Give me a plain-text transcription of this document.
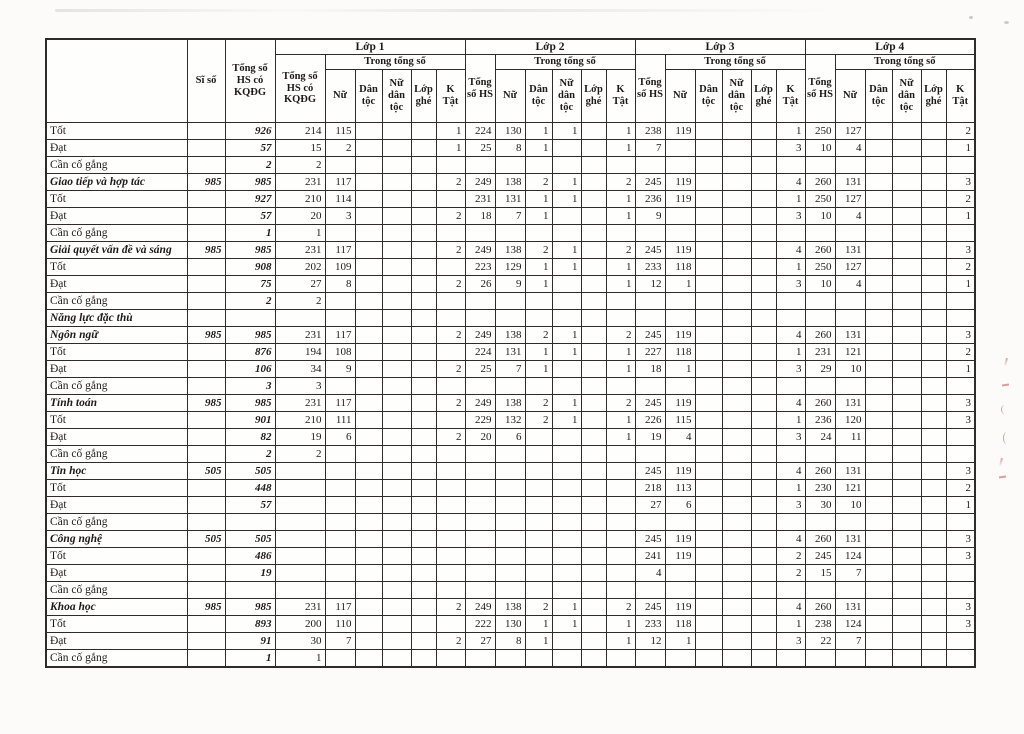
	Sĩ số	Tổng số HS có KQĐG	Lớp 1						Lớp 2						Lớp 3						Lớp 4					
			Tổng số HS có KQĐG	Trong tổng số					Tổng số HS	Trong tổng số					Tổng số HS	Trong tổng số					Tổng số HS	Trong tổng số				
				Nữ	Dân tộc	Nữ dân tộc	Lớp ghé	K Tật		Nữ	Dân tộc	Nữ dân tộc	Lớp ghé	K Tật		Nữ	Dân tộc	Nữ dân tộc	Lớp ghé	K Tật		Nữ	Dân tộc	Nữ dân tộc	Lớp ghé	K Tật
Tốt		926	214	115				1	224	130	1	1		1	238	119				1	250	127				2
Đạt		57	15	2				1	25	8	1			1	7					3	10	4				1
Cần cố gắng		2	2																							
Giao tiếp và hợp tác	985	985	231	117				2	249	138	2	1		2	245	119				4	260	131				3
Tốt		927	210	114					231	131	1	1		1	236	119				1	250	127				2
Đạt		57	20	3				2	18	7	1			1	9					3	10	4				1
Cần cố gắng		1	1																							
Giải quyết vấn đề và sáng	985	985	231	117				2	249	138	2	1		2	245	119				4	260	131				3
Tốt		908	202	109					223	129	1	1		1	233	118				1	250	127				2
Đạt		75	27	8				2	26	9	1			1	12	1				3	10	4				1
Cần cố gắng		2	2																							
Năng lực đặc thù																										
Ngôn ngữ	985	985	231	117				2	249	138	2	1		2	245	119				4	260	131				3
Tốt		876	194	108					224	131	1	1		1	227	118				1	231	121				2
Đạt		106	34	9				2	25	7	1			1	18	1				3	29	10				1
Cần cố gắng		3	3																							
Tính toán	985	985	231	117				2	249	138	2	1		2	245	119				4	260	131				3
Tốt		901	210	111					229	132	2	1		1	226	115				1	236	120				3
Đạt		82	19	6				2	20	6				1	19	4				3	24	11				
Cần cố gắng		2	2																							
Tin học	505	505													245	119				4	260	131				3
Tốt		448													218	113				1	230	121				2
Đạt		57													27	6				3	30	10				1
Cần cố gắng																										
Công nghệ	505	505													245	119				4	260	131				3
Tốt		486													241	119				2	245	124				3
Đạt		19													4					2	15	7				
Cần cố gắng																										
Khoa học	985	985	231	117				2	249	138	2	1		2	245	119				4	260	131				3
Tốt		893	200	110					222	130	1	1		1	233	118				1	238	124				3
Đạt		91	30	7				2	27	8	1			1	12	1				3	22	7				
Cần cố gắng		1	1																							
